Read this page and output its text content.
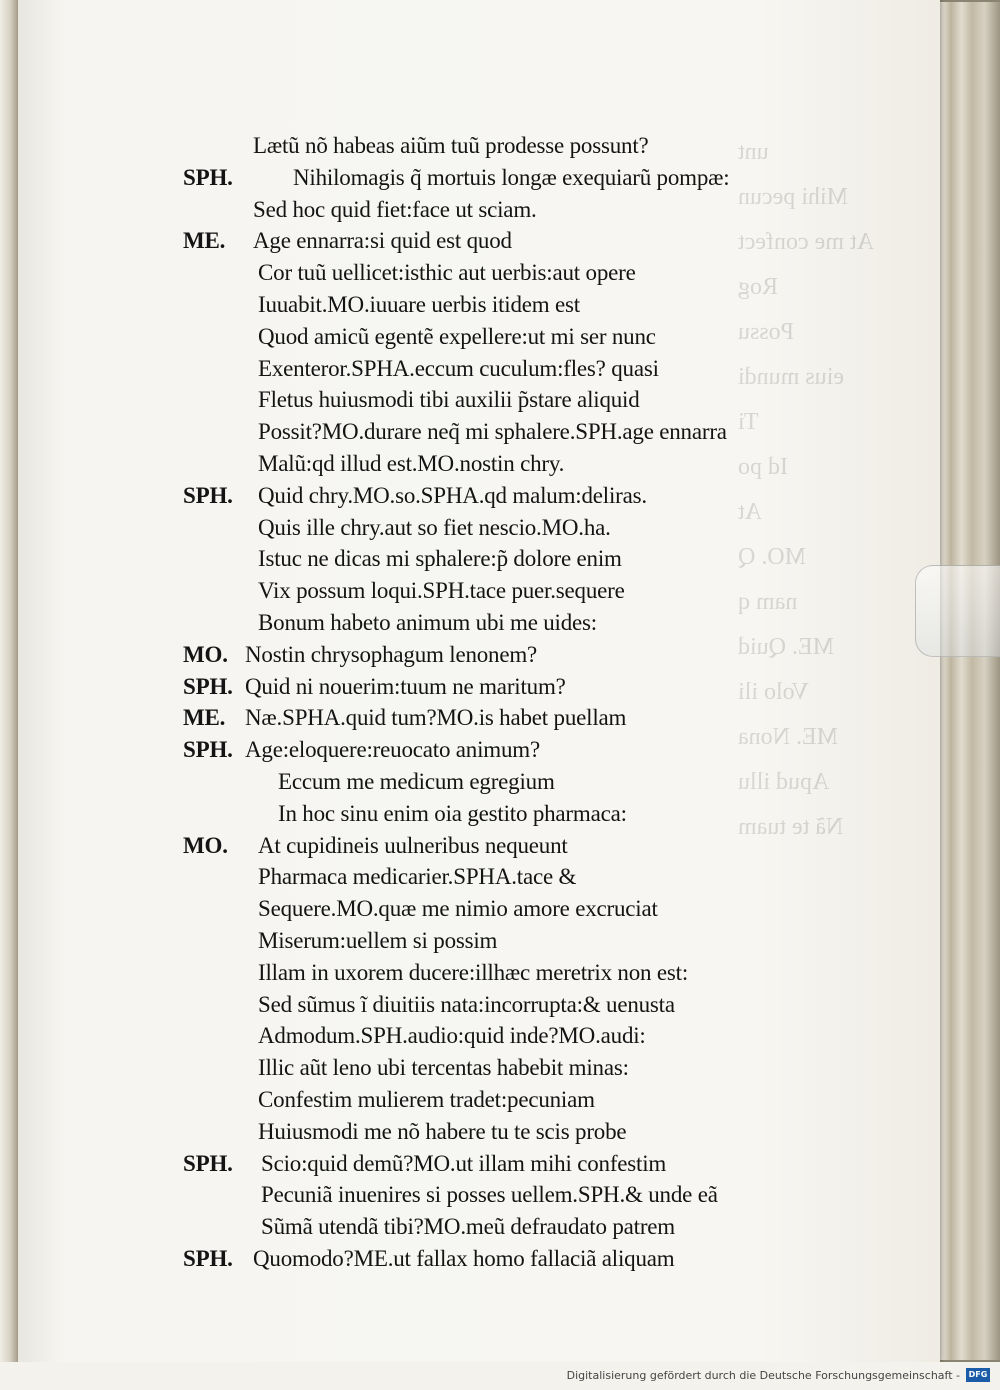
unt
Mihi pecun
At me confect
Rog
Possu
eius mundi
Ti
Id po
At
MO. Q
nam q
ME. Quid
Volo ili
ME. Nona
Apud illu
Nã te tuam
Lætũ nõ habeas aiũm tuũ prodesse possunt?
SPH.	Nihilomagis q̃ mortuis longæ exequiarũ pompæ:
Sed hoc quid fiet:face ut sciam.
ME. Age ennarra:si quid est quod
Cor tuũ uellicet:isthic aut uerbis:aut opere
Iuuabit.MO.iuuare uerbis itidem est
Quod amicũ egentẽ expellere:ut mi ser nunc
Exenteror.SPHA.eccum cuculum:fles? quasi
Fletus huiusmodi tibi auxilii p̃stare aliquid
Possit?MO.durare neq̃ mi sphalere.SPH.age ennarra
Malũ:qd illud est.MO.nostin chry.
SPH. Quid chry.MO.so.SPHA.qd malum:deliras.
Quis ille chry.aut so fiet nescio.MO.ha.
Istuc ne dicas mi sphalere:p̃ dolore enim
Vix possum loqui.SPH.tace puer.sequere
Bonum habeto animum ubi me uides:
MO. Nostin chrysophagum lenonem?
SPH. Quid ni nouerim:tuum ne maritum?
ME. Næ.SPHA.quid tum?MO.is habet puellam
SPH. Age:eloquere:reuocato animum?
Eccum me medicum egregium
In hoc sinu enim oia gestito pharmaca:
MO. At cupidineis uulneribus nequeunt
Pharmaca medicarier.SPHA.tace &
Sequere.MO.quæ me nimio amore excruciat
Miserum:uellem si possim
Illam in uxorem ducere:illhæc meretrix non est:
Sed sũmus ĩ diuitiis nata:incorrupta:& uenusta
Admodum.SPH.audio:quid inde?MO.audi:
Illic aũt leno ubi tercentas habebit minas:
Confestim mulierem tradet:pecuniam
Huiusmodi me nõ habere tu te scis probe
SPH. Scio:quid demũ?MO.ut illam mihi confestim
Pecuniã inuenires si posses uellem.SPH.& unde eã
Sũmã utendã tibi?MO.meũ defraudato patrem
SPH. Quomodo?ME.ut fallax homo fallaciã aliquam
Digitalisierung gefördert durch die Deutsche Forschungsgemeinschaft -	DFG
